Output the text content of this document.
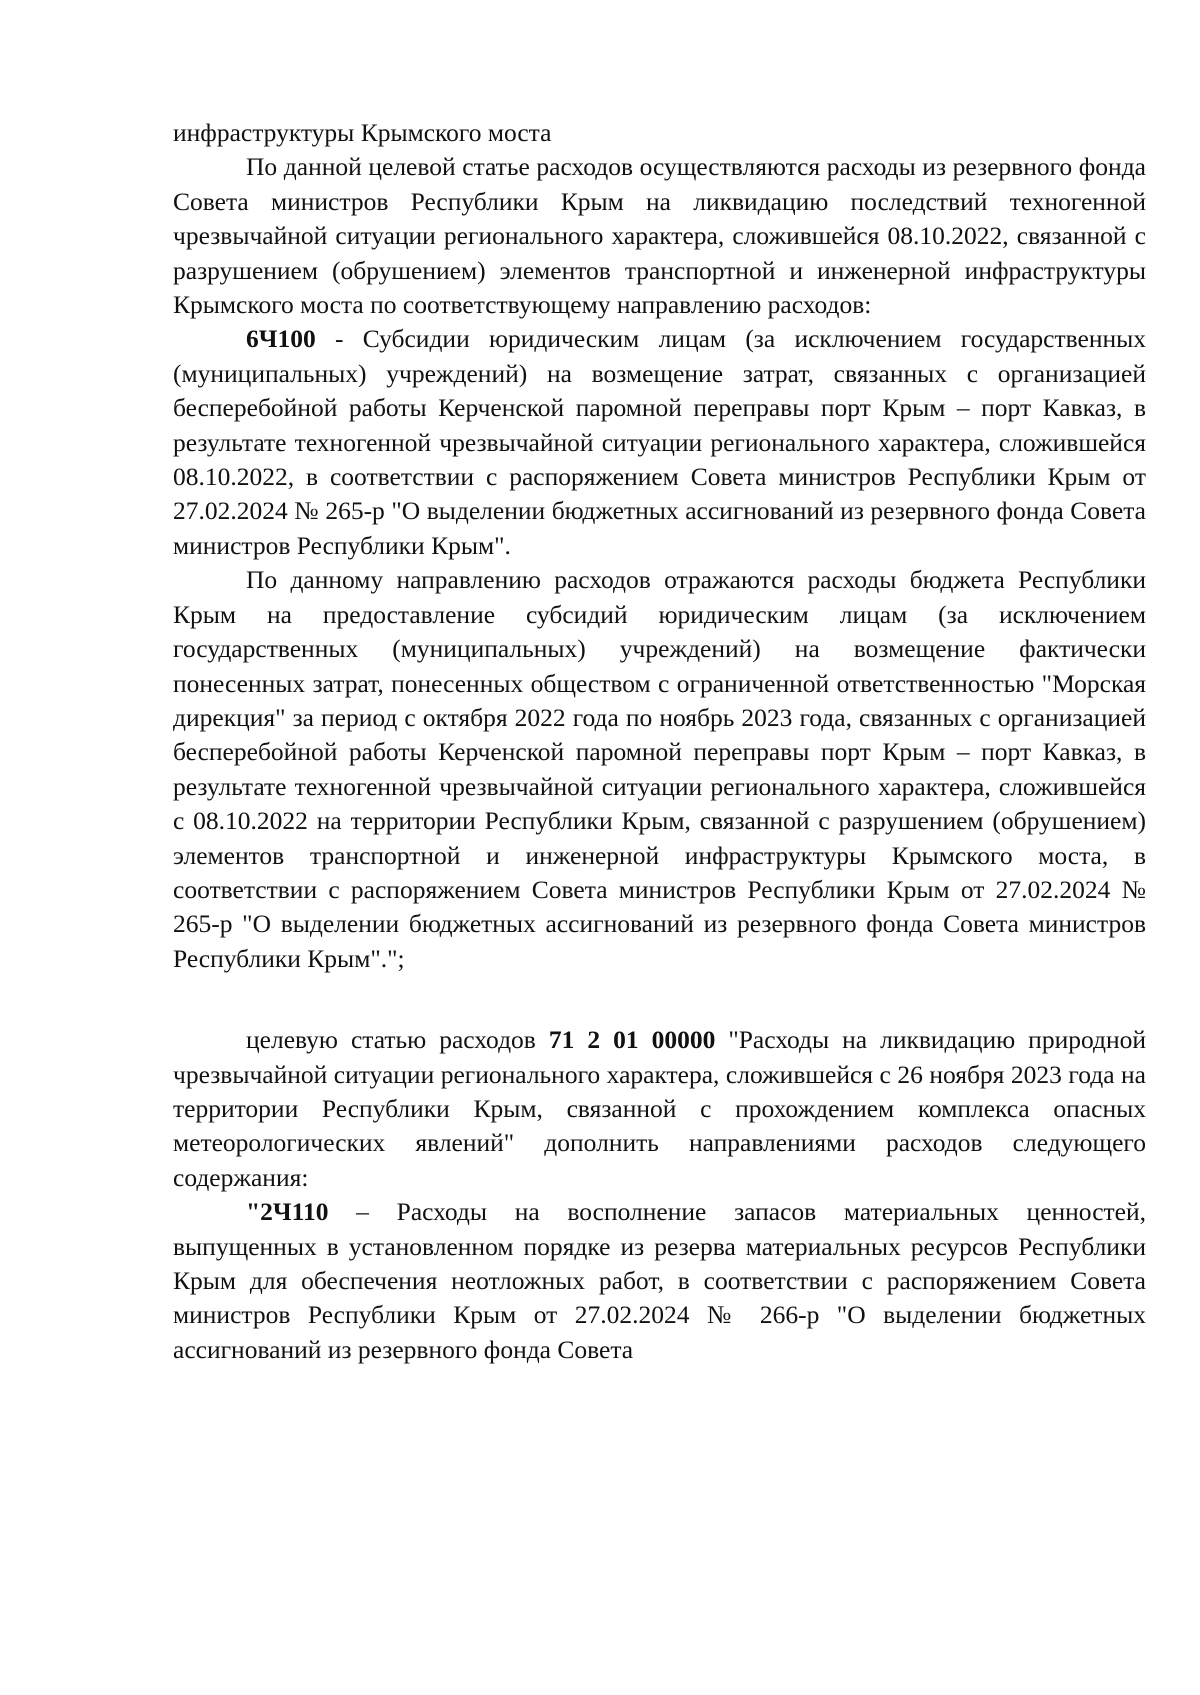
инфраструктуры Крымского моста

По данной целевой статье расходов осуществляются расходы из резервного фонда Совета министров Республики Крым на ликвидацию последствий техногенной чрезвычайной ситуации регионального характера, сложившейся 08.10.2022, связанной с разрушением (обрушением) элементов транспортной и инженерной инфраструктуры Крымского моста по соответствующему направлению расходов:

6Ч100 - Субсидии юридическим лицам (за исключением государственных (муниципальных) учреждений) на возмещение затрат, связанных с организацией бесперебойной работы Керченской паромной переправы порт Крым – порт Кавказ, в результате техногенной чрезвычайной ситуации регионального характера, сложившейся 08.10.2022, в соответствии с распоряжением Совета министров Республики Крым от 27.02.2024 № 265-р "О выделении бюджетных ассигнований из резервного фонда Совета министров Республики Крым".

По данному направлению расходов отражаются расходы бюджета Республики Крым на предоставление субсидий юридическим лицам (за исключением государственных (муниципальных) учреждений) на возмещение фактически понесенных затрат, понесенных обществом с ограниченной ответственностью "Морская дирекция" за период с октября 2022 года по ноябрь 2023 года, связанных с организацией бесперебойной работы Керченской паромной переправы порт Крым – порт Кавказ, в результате техногенной чрезвычайной ситуации регионального характера, сложившейся с 08.10.2022 на территории Республики Крым, связанной с разрушением (обрушением) элементов транспортной и инженерной инфраструктуры Крымского моста, в соответствии с распоряжением Совета министров Республики Крым от 27.02.2024 № 265-р "О выделении бюджетных ассигнований из резервного фонда Совета министров Республики Крым".";

целевую статью расходов 71 2 01 00000 "Расходы на ликвидацию природной чрезвычайной ситуации регионального характера, сложившейся с 26 ноября 2023 года на территории Республики Крым, связанной с прохождением комплекса опасных метеорологических явлений" дополнить направлениями расходов следующего содержания:

"2Ч110 – Расходы на восполнение запасов материальных ценностей, выпущенных в установленном порядке из резерва материальных ресурсов Республики Крым для обеспечения неотложных работ, в соответствии с распоряжением Совета министров Республики Крым от 27.02.2024 № 266-р "О выделении бюджетных ассигнований из резервного фонда Совета
